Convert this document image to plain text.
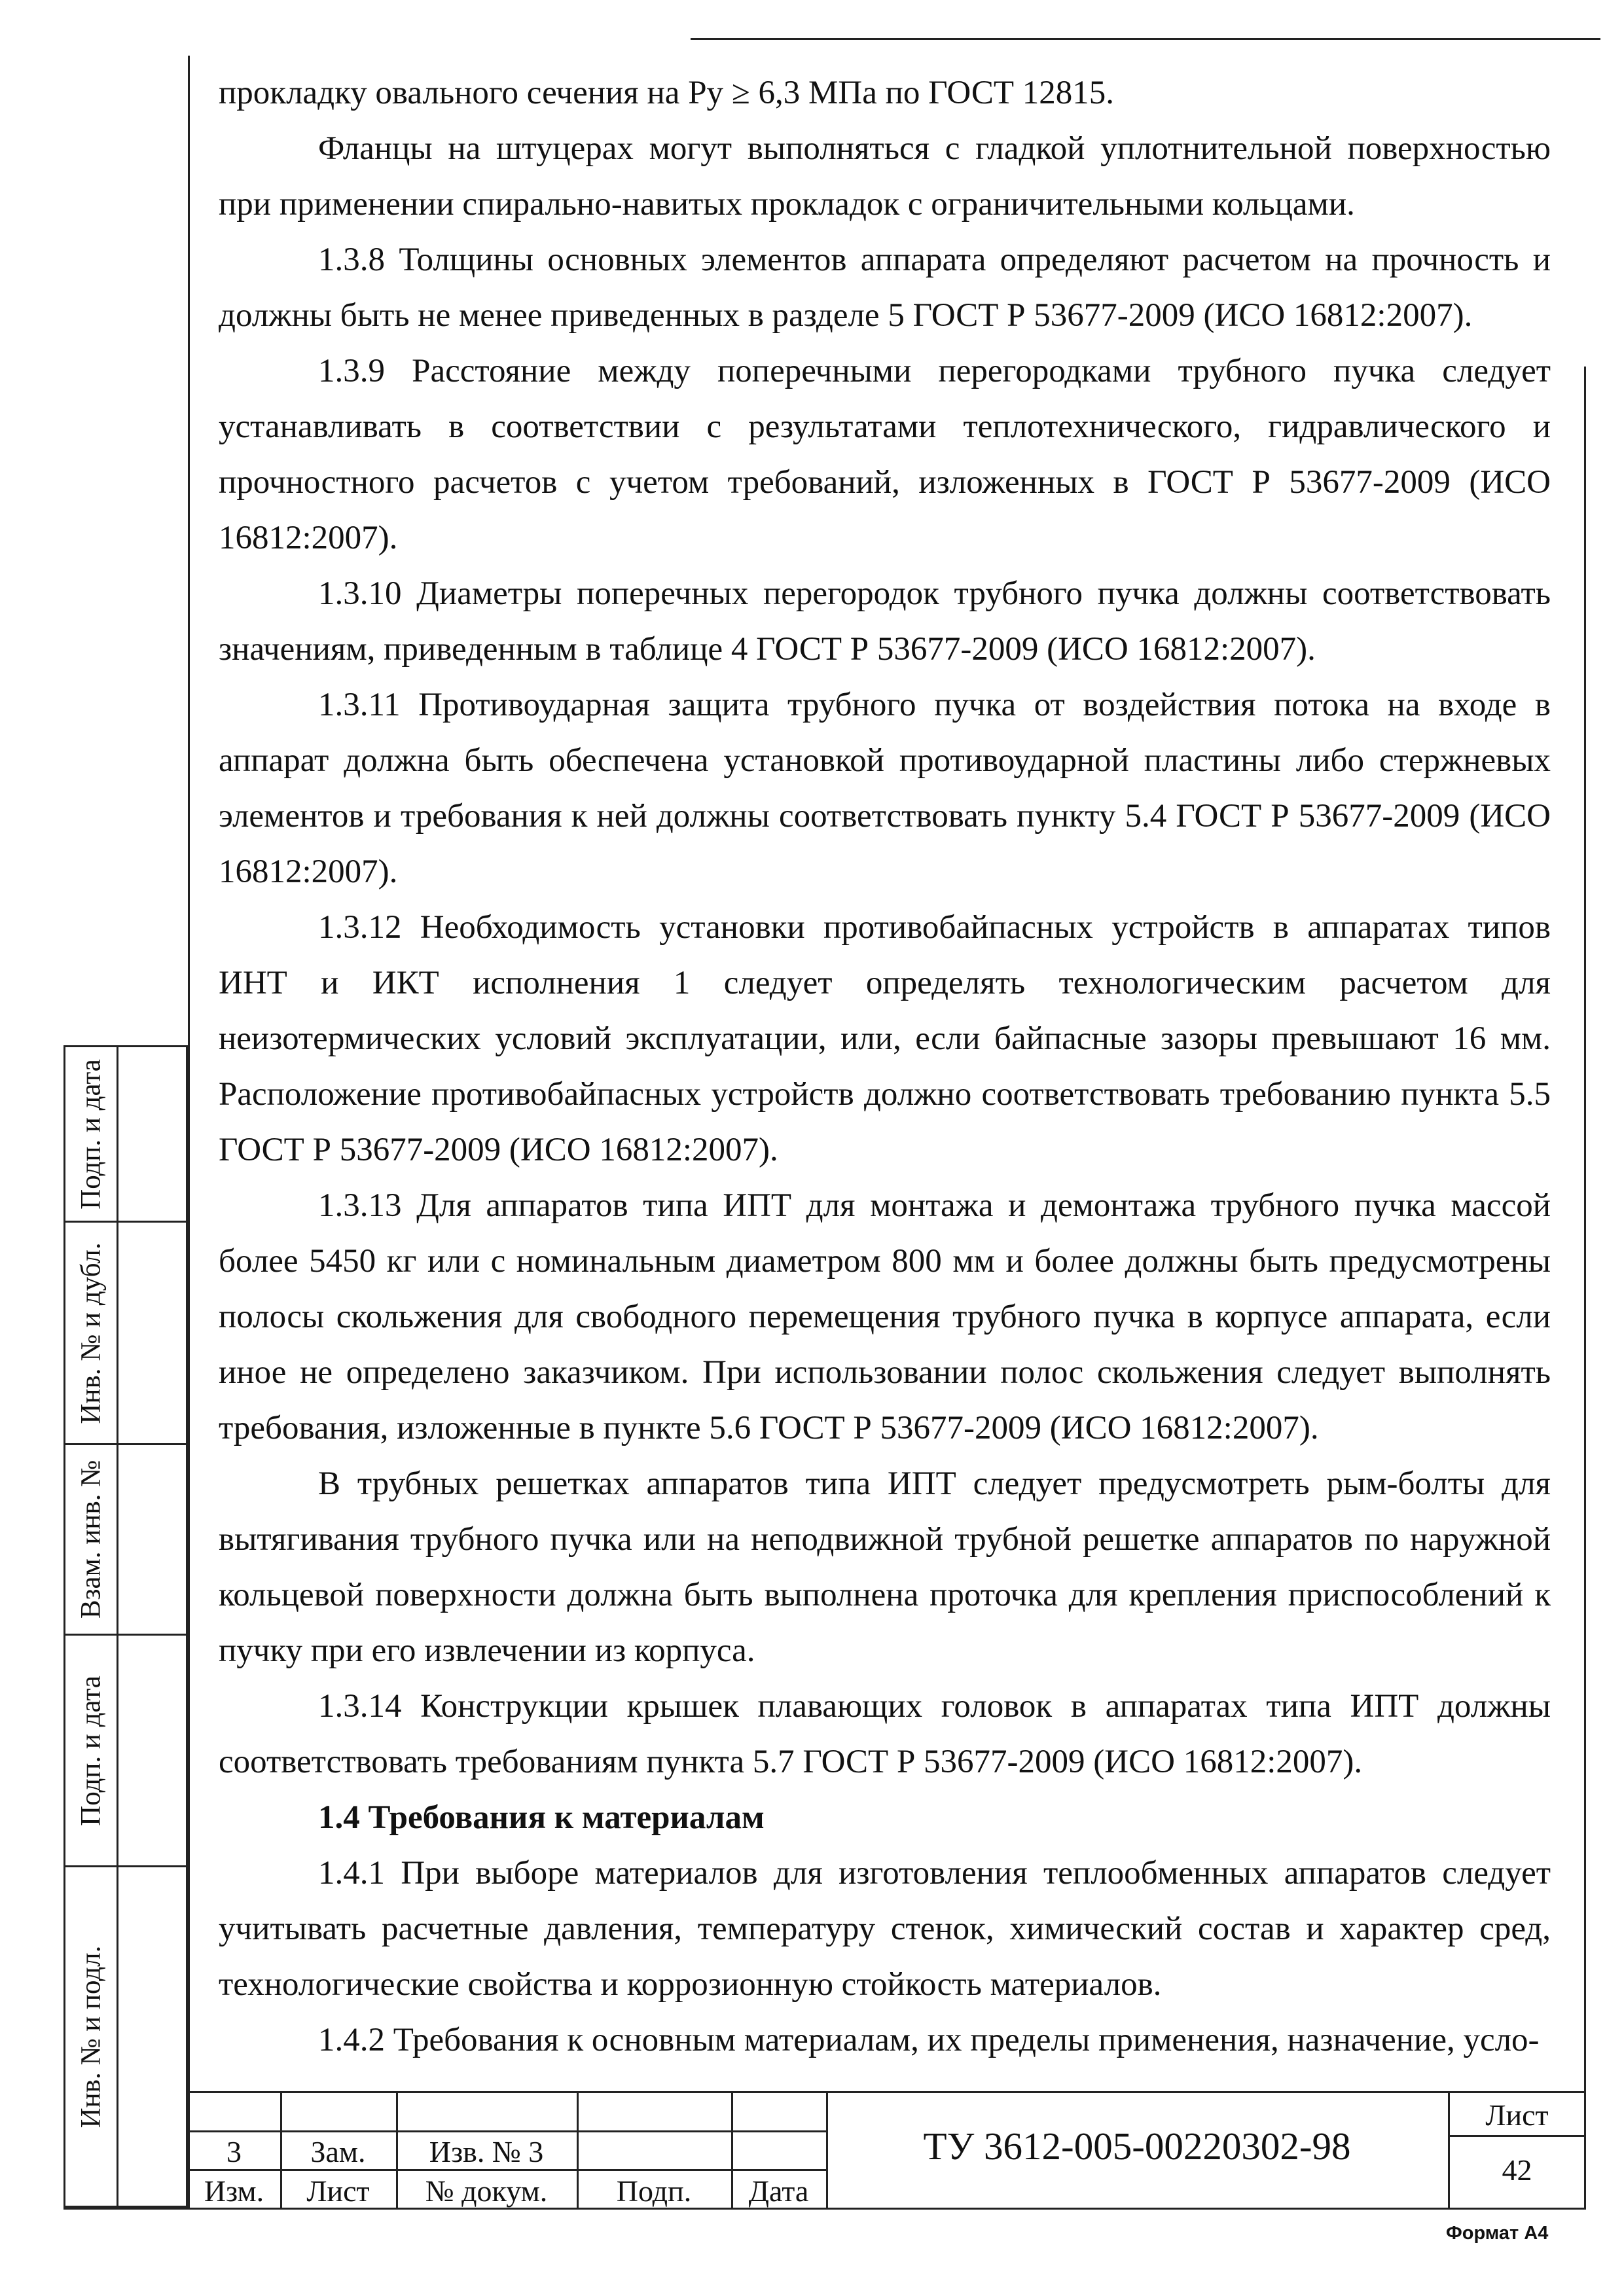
прокладку овального сечения на Ру ≥ 6,3 МПа по ГОСТ 12815.

Фланцы на штуцерах могут выполняться с гладкой уплотнительной поверхностью при применении спирально-навитых прокладок с ограничительными кольцами.

1.3.8 Толщины основных элементов аппарата определяют расчетом на прочность и должны быть не менее приведенных в разделе 5 ГОСТ Р 53677-2009 (ИСО 16812:2007).

1.3.9 Расстояние между поперечными перегородками трубного пучка следует устанавливать в соответствии с результатами теплотехнического, гидравлического и прочностного расчетов с учетом требований, изложенных в ГОСТ Р 53677-2009 (ИСО 16812:2007).

1.3.10 Диаметры поперечных перегородок трубного пучка должны соответствовать значениям, приведенным в таблице 4 ГОСТ Р 53677-2009 (ИСО 16812:2007).

1.3.11 Противоударная защита трубного пучка от воздействия потока на входе в аппарат должна быть обеспечена установкой противоударной пластины либо стержневых элементов и требования к ней должны соответствовать пункту 5.4 ГОСТ Р 53677-2009 (ИСО 16812:2007).

1.3.12 Необходимость установки противобайпасных устройств в аппаратах типов ИНТ и ИКТ исполнения 1 следует определять технологическим расчетом для неизотермических условий эксплуатации, или, если байпасные зазоры превышают 16 мм. Расположение противобайпасных устройств должно соответствовать требованию пункта 5.5 ГОСТ Р 53677-2009 (ИСО 16812:2007).

1.3.13 Для аппаратов типа ИПТ для монтажа и демонтажа трубного пучка массой более 5450 кг или с номинальным диаметром 800 мм и более должны быть предусмотрены полосы скольжения для свободного перемещения трубного пучка в корпусе аппарата, если иное не определено заказчиком. При использовании полос скольжения следует выполнять требования, изложенные в пункте 5.6 ГОСТ Р 53677-2009 (ИСО 16812:2007).

В трубных решетках аппаратов типа ИПТ следует предусмотреть рым-болты для вытягивания трубного пучка или на неподвижной трубной решетке аппаратов по наружной кольцевой поверхности должна быть выполнена проточка для крепления приспособлений к пучку при его извлечении из корпуса.

1.3.14 Конструкции крышек плавающих головок в аппаратах типа ИПТ должны соответствовать требованиям пункта 5.7 ГОСТ Р 53677-2009 (ИСО 16812:2007).

1.4 Требования к материалам

1.4.1 При выборе материалов для изготовления теплообменных аппаратов следует учитывать расчетные давления, температуру стенок, химический состав и характер сред, технологические свойства и коррозионную стойкость материалов.

1.4.2 Требования к основным материалам, их пределы применения, назначение, усло-

Подп. и дата
Инв. № и дубл.
Взам. инв. №
Подп. и дата
Инв. № и подл.
3	Зам.	Изв. № 3
Изм.	Лист	№ докум.	Подп.	Дата
ТУ 3612-005-00220302-98
Лист
42
Формат А4
